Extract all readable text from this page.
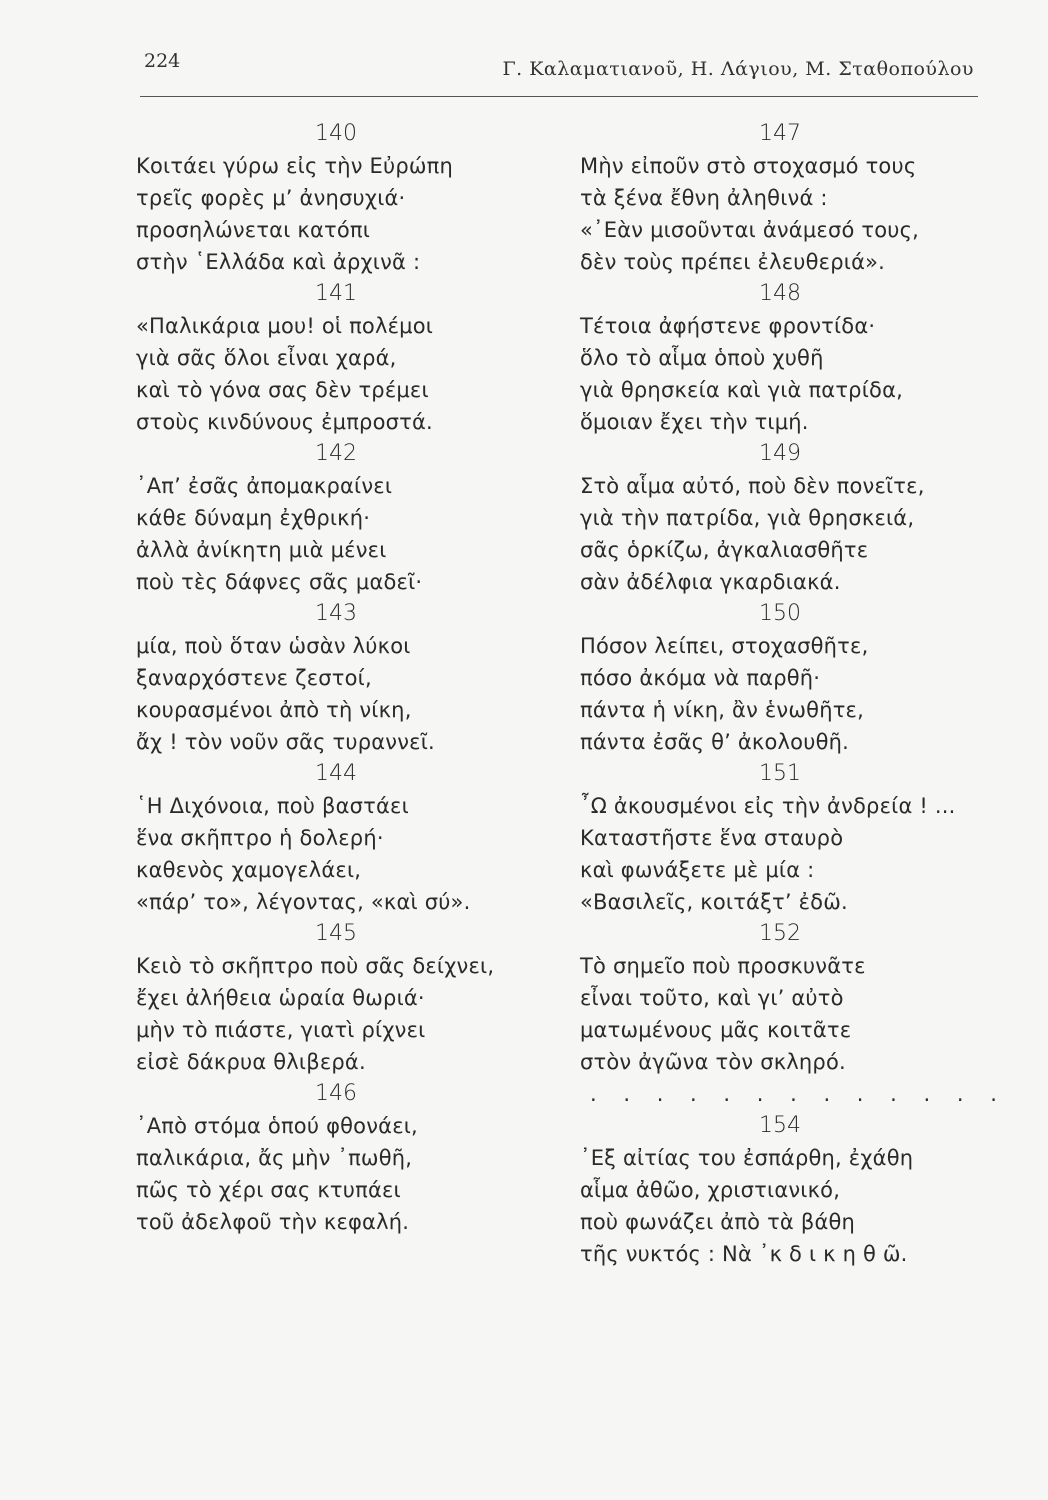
224	Γ. Καλαματιανοῦ, Η. Λάγιου, Μ. Σταθοπούλου
140
Κοιτάει γύρω εἰς τὴν Εὐρώπη
τρεῖς φορὲς μ’ ἀνησυχιά·
προσηλώνεται κατόπι
στὴν ῾Ελλάδα καὶ ἀρχινᾶ :
141
«Παλικάρια μου! οἱ πολέμοι
γιὰ σᾶς ὅλοι εἶναι χαρά,
καὶ τὸ γόνα σας δὲν τρέμει
στοὺς κινδύνους ἐμπροστά.
142
᾽Απ’ ἐσᾶς ἀπομακραίνει
κάθε δύναμη ἐχθρική·
ἀλλὰ ἀνίκητη μιὰ μένει
ποὺ τὲς δάφνες σᾶς μαδεῖ·
143
μία, ποὺ ὅταν ὡσὰν λύκοι
ξαναρχόστενε ζεστοί,
κουρασμένοι ἀπὸ τὴ νίκη,
ἄχ ! τὸν νοῦν σᾶς τυραννεῖ.
144
῾Η Διχόνοια, ποὺ βαστάει
ἕνα σκῆπτρο ἡ δολερή·
καθενὸς χαμογελάει,
«πάρ’ το», λέγοντας, «καὶ σύ».
145
Κειὸ τὸ σκῆπτρο ποὺ σᾶς δείχνει,
ἔχει ἀλήθεια ὡραία θωριά·
μὴν τὸ πιάστε, γιατὶ ρίχνει
εἰσὲ δάκρυα θλιβερά.
146
᾽Απὸ στόμα ὁπού φθονάει,
παλικάρια, ἄς μὴν ᾽πωθῆ,
πῶς τὸ χέρι σας κτυπάει
τοῦ ἀδελφοῦ τὴν κεφαλή.
147
Μὴν εἰποῦν στὸ στοχασμό τους
τὰ ξένα ἔθνη ἀληθινά :
«᾽Εὰν μισοῦνται ἀνάμεσό τους,
δὲν τοὺς πρέπει ἐλευθεριά».
148
Τέτοια ἀφήστενε φροντίδα·
ὅλο τὸ αἷμα ὁποὺ χυθῆ
γιὰ θρησκεία καὶ γιὰ πατρίδα,
ὅμοιαν ἔχει τὴν τιμή.
149
Στὸ αἷμα αὐτό, ποὺ δὲν πονεῖτε,
γιὰ τὴν πατρίδα, γιὰ θρησκειά,
σᾶς ὁρκίζω, ἀγκαλιασθῆτε
σὰν ἀδέλφια γκαρδιακά.
150
Πόσον λείπει, στοχασθῆτε,
πόσο ἀκόμα νὰ παρθῆ·
πάντα ἡ νίκη, ἂν ἑνωθῆτε,
πάντα ἐσᾶς θ’ ἀκολουθῆ.
151
῏Ω ἀκουσμένοι εἰς τὴν ἀνδρεία ! ...
Καταστῆστε ἕνα σταυρὸ
καὶ φωνάξετε μὲ μία :
«Βασιλεῖς, κοιτάξτ’ ἐδῶ.
152
Τὸ σημεῖο ποὺ προσκυνᾶτε
εἶναι τοῦτο, καὶ γι’ αὐτὸ
ματωμένους μᾶς κοιτᾶτε
στὸν ἀγῶνα τὸν σκληρό.
. . . . . . . . . . . . .
154
᾽Εξ αἰτίας του ἐσπάρθη, ἐχάθη
αἷμα ἀθῶο, χριστιανικό,
ποὺ φωνάζει ἀπὸ τὰ βάθη
τῆς νυκτός : Νὰ ᾽κ δ ι κ η θ ῶ.
